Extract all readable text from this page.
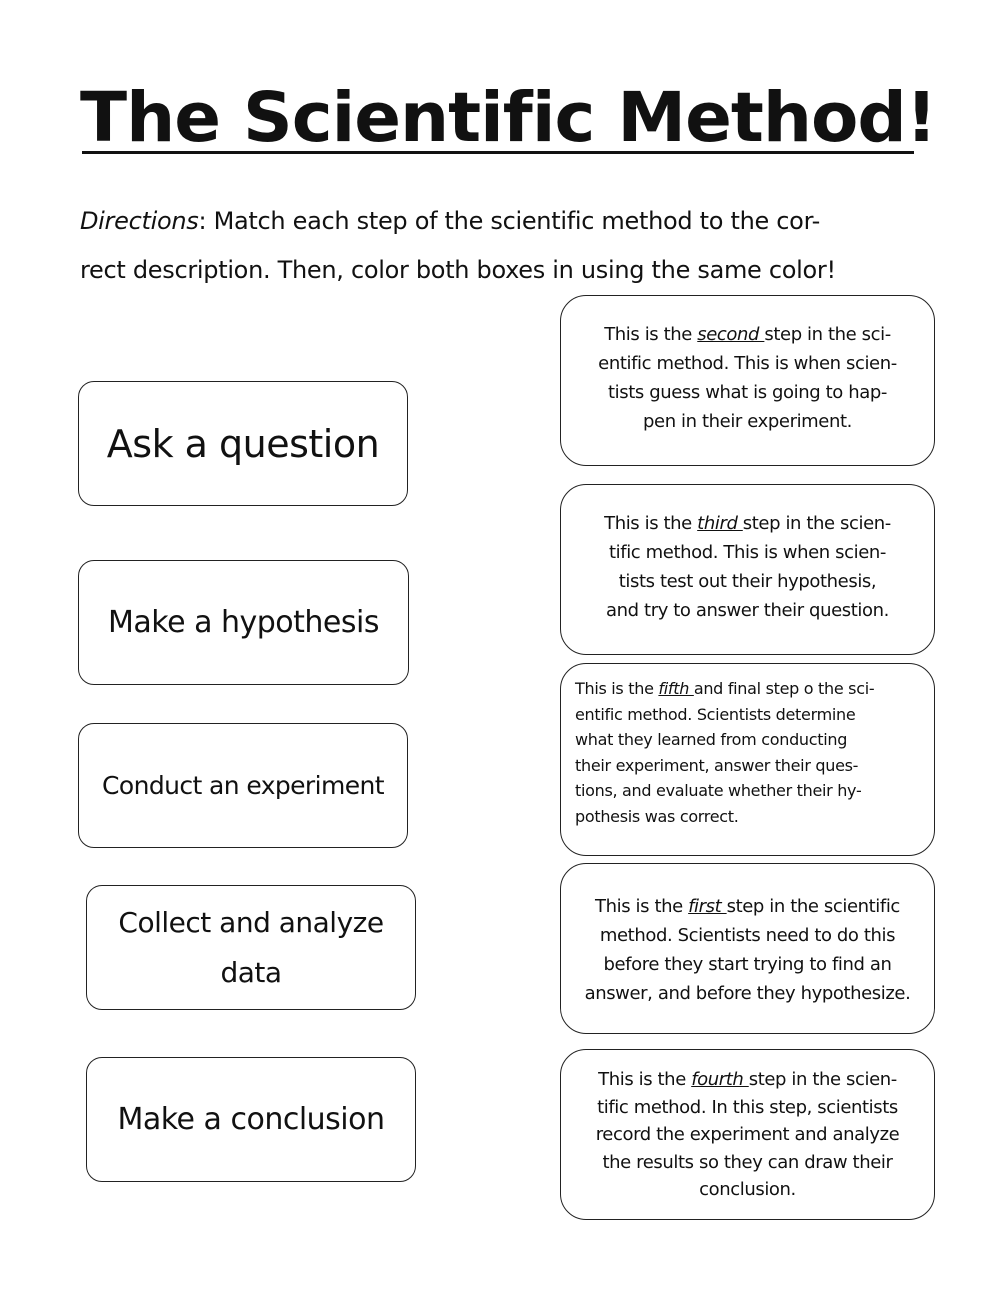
The Scientific Method!

Directions: Match each step of the scientific method to the cor-
rect description. Then, color both boxes in using the same color!

Ask a question
Make a hypothesis
Conduct an experiment
Collect and analyze
data
Make a conclusion
This is the second step in the sci-
entific method. This is when scien-
tists guess what is going to hap-
pen in their experiment.
This is the third step in the scien-
tific method. This is when scien-
tists test out their hypothesis,
and try to answer their question.
This is the fifth and final step o the sci-
entific method. Scientists determine
what they learned from conducting
their experiment, answer their ques-
tions, and evaluate whether their hy-
pothesis was correct.
This is the first step in the scientific
method. Scientists need to do this
before they start trying to find an
answer, and before they hypothesize.
This is the fourth step in the scien-
tific method. In this step, scientists
record the experiment and analyze
the results so they can draw their
conclusion.
